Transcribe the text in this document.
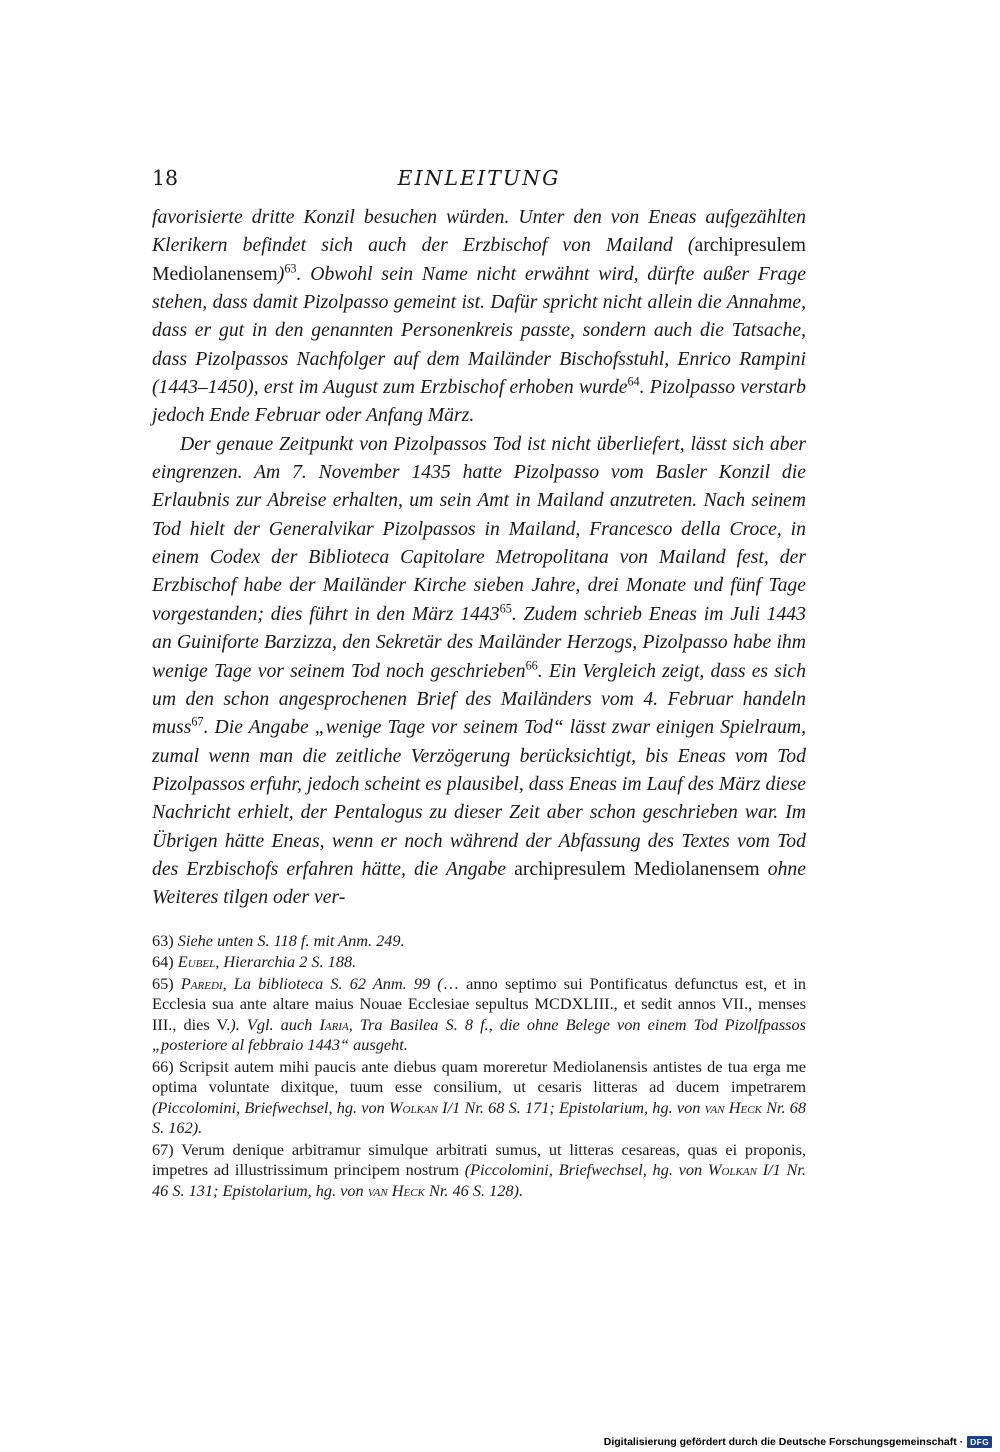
18	EINLEITUNG

favorisierte dritte Konzil besuchen würden. Unter den von Eneas aufgezählten Klerikern befindet sich auch der Erzbischof von Mailand (archipresulem Mediolanensem)$^{63}$. Obwohl sein Name nicht erwähnt wird, dürfte außer Frage stehen, dass damit Pizolpasso gemeint ist. Dafür spricht nicht allein die Annahme, dass er gut in den genannten Personenkreis passte, sondern auch die Tatsache, dass Pizolpassos Nachfolger auf dem Mailänder Bischofsstuhl, Enrico Rampini (1443–1450), erst im August zum Erzbischof erhoben wurde$^{64}$. Pizolpasso verstarb jedoch Ende Februar oder Anfang März.

Der genaue Zeitpunkt von Pizolpassos Tod ist nicht überliefert, lässt sich aber eingrenzen. Am 7. November 1435 hatte Pizolpasso vom Basler Konzil die Erlaubnis zur Abreise erhalten, um sein Amt in Mailand anzutreten. Nach seinem Tod hielt der Generalvikar Pizolpassos in Mailand, Francesco della Croce, in einem Codex der Biblioteca Capitolare Metropolitana von Mailand fest, der Erzbischof habe der Mailänder Kirche sieben Jahre, drei Monate und fünf Tage vorgestanden; dies führt in den März 1443$^{65}$. Zudem schrieb Eneas im Juli 1443 an Guiniforte Barzizza, den Sekretär des Mailänder Herzogs, Pizolpasso habe ihm wenige Tage vor seinem Tod noch geschrieben$^{66}$. Ein Vergleich zeigt, dass es sich um den schon angesprochenen Brief des Mailänders vom 4. Februar handeln muss$^{67}$. Die Angabe „wenige Tage vor seinem Tod“ lässt zwar einigen Spielraum, zumal wenn man die zeitliche Verzögerung berücksichtigt, bis Eneas vom Tod Pizolpassos erfuhr, jedoch scheint es plausibel, dass Eneas im Lauf des März diese Nachricht erhielt, der Pentalogus zu dieser Zeit aber schon geschrieben war. Im Übrigen hätte Eneas, wenn er noch während der Abfassung des Textes vom Tod des Erzbischofs erfahren hätte, die Angabe archipresulem Mediolanensem ohne Weiteres tilgen oder ver-

63) Siehe unten S. 118 f. mit Anm. 249.

64) Eubel, Hierarchia 2 S. 188.

65) Paredi, La biblioteca S. 62 Anm. 99 (… anno septimo sui Pontificatus defunctus est, et in Ecclesia sua ante altare maius Nouae Ecclesiae sepultus MCDXLIII., et sedit annos VII., menses III., dies V.). Vgl. auch Iaria, Tra Basilea S. 8 f., die ohne Belege von einem Tod Pizolfpassos „posteriore al febbraio 1443“ ausgeht.

66) Scripsit autem mihi paucis ante diebus quam moreretur Mediolanensis antistes de tua erga me optima voluntate dixitque, tuum esse consilium, ut cesaris litteras ad ducem impetrarem (Piccolomini, Briefwechsel, hg. von Wolkan I/1 Nr. 68 S. 171; Epistolarium, hg. von van Heck Nr. 68 S. 162).

67) Verum denique arbitramur simulque arbitrati sumus, ut litteras cesareas, quas ei proponis, impetres ad illustrissimum principem nostrum (Piccolomini, Briefwechsel, hg. von Wolkan I/1 Nr. 46 S. 131; Epistolarium, hg. von van Heck Nr. 46 S. 128).

Digitalisierung gefördert durch die Deutsche Forschungsgemeinschaft · DFG
